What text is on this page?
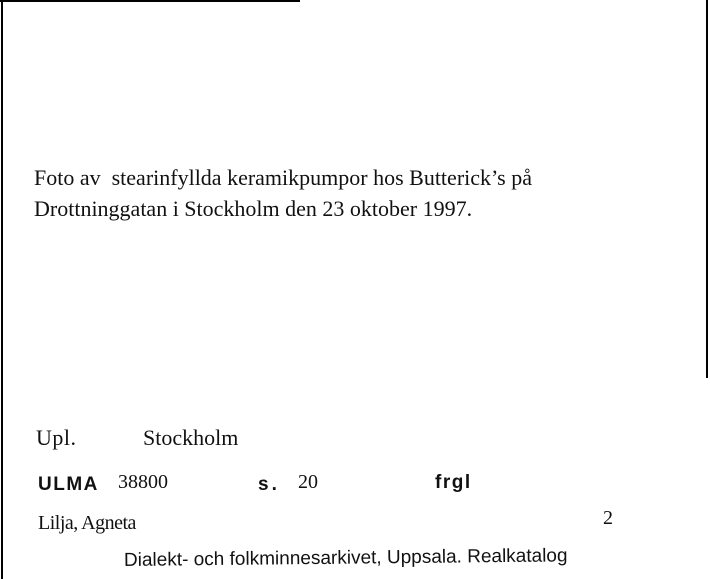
Foto av  stearinfyllda keramikpumpor hos Butterick’s på
Drottninggatan i Stockholm den 23 oktober 1997.

Upl.	Stockholm
ULMA 38800	s. 20	frgl
Lilja, Agneta	2
Dialekt- och folkminnesarkivet, Uppsala. Realkatalog
